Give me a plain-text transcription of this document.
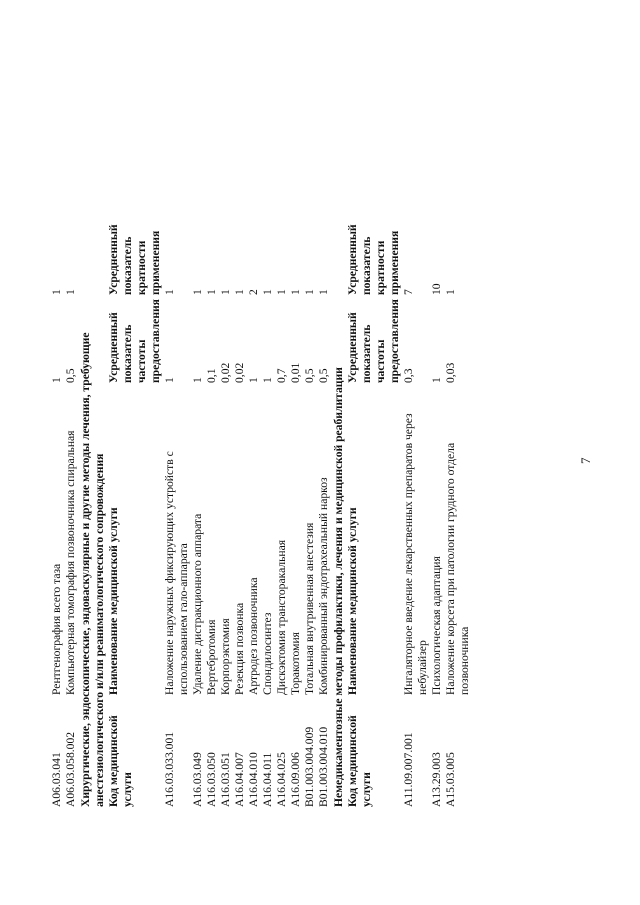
7
A06.03.041	Рентгенография всего таза	1	1
A06.03.058.002	Компьютерная томография позвоночника спиральная	0,5	1
Хирургические, эндоскопические, эндоваскулярные и другие методы лечения, требующие анестезиологического и/или реаниматологического сопровождения			
Код медицинской услуги	Наименование медицинской услуги	Усредненный показатель частоты предоставления	Усредненный показатель кратности применения
A16.03.033.001	Наложение наружных фиксирующих устройств с использованием гало-аппарата	1	1
A16.03.049	Удаление дистракционного аппарата	1	1
A16.03.050	Вертебротомия	0,1	1
A16.03.051	Корпорэктомия	0,02	1
A16.04.007	Резекция позвонка	0,02	1
A16.04.010	Артродез позвоночника	1	2
A16.04.011	Спондилосинтез	1	1
A16.04.025	Дискэктомия трансторакальная	0,7	1
A16.09.006	Торакотомия	0,01	1
B01.003.004.009	Тотальная внутривенная анестезия	0,5	1
B01.003.004.010	Комбинированный эндотрахеальный наркоз	0,5	1
Немедикаментозные методы профилактики, лечения и медицинской реабилитации			
Код медицинской услуги	Наименование медицинской услуги	Усредненный показатель частоты предоставления	Усредненный показатель кратности применения
A11.09.007.001	Ингаляторное введение лекарственных препаратов через небулайзер	0,3	7
A13.29.003	Психологическая адаптация	1	10
A15.03.005	Наложение корсета при патологии грудного отдела позвоночника	0,03	1
